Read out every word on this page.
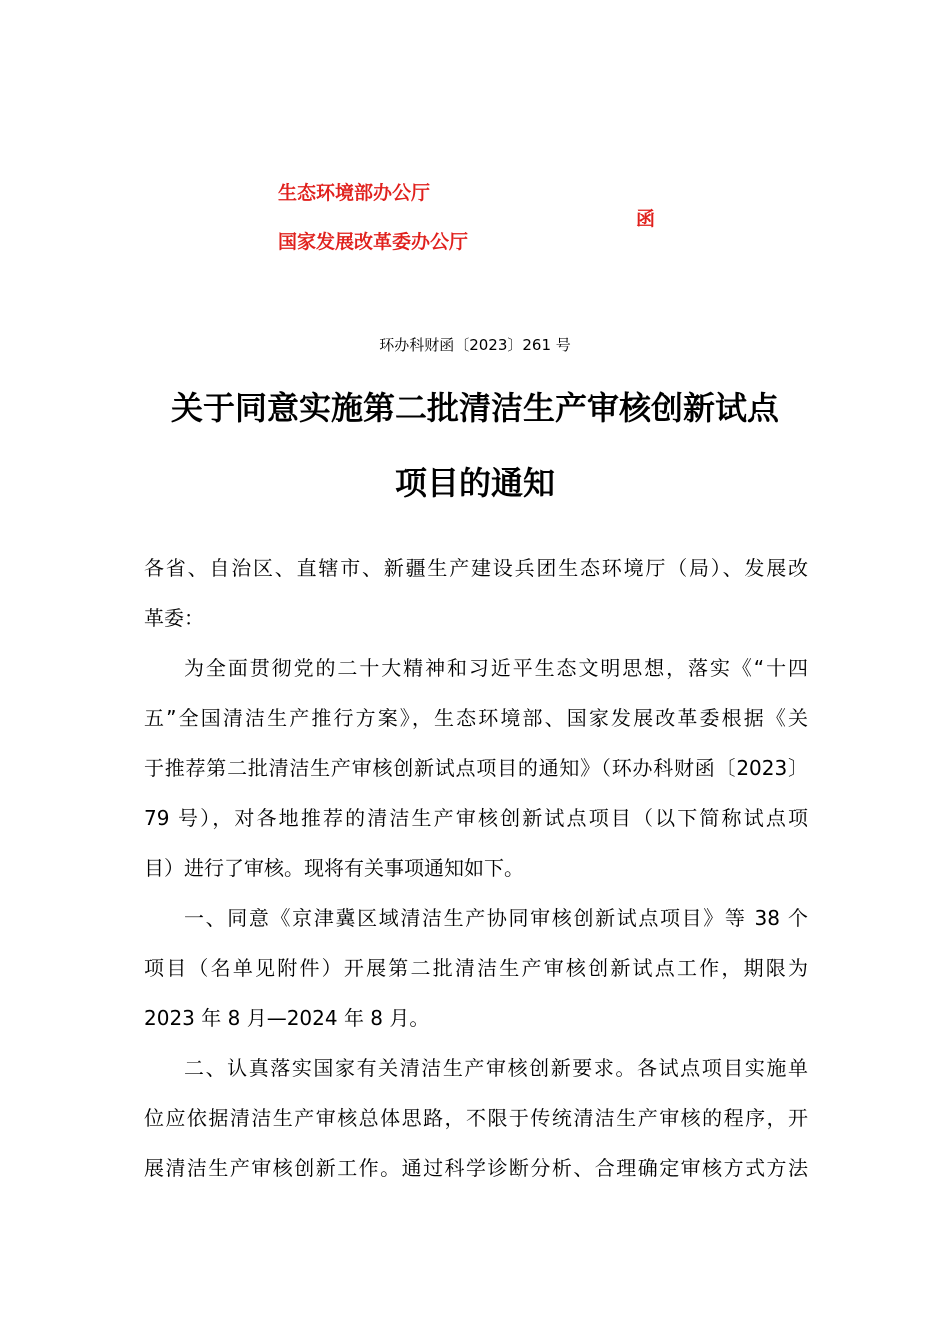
生态环境部办公厅
国家发展改革委办公厅
函
环办科财函〔2023〕261 号
关于同意实施第二批清洁生产审核创新试点
项目的通知
各省、自治区、直辖市、新疆生产建设兵团生态环境厅（局）、发展改
革委：
为全面贯彻党的二十大精神和习近平生态文明思想，落实《“十四
五”全国清洁生产推行方案》，生态环境部、国家发展改革委根据《关
于推荐第二批清洁生产审核创新试点项目的通知》（环办科财函〔2023〕
79 号），对各地推荐的清洁生产审核创新试点项目（以下简称试点项
目）进行了审核。现将有关事项通知如下。
一、同意《京津冀区域清洁生产协同审核创新试点项目》等 38 个
项目（名单见附件）开展第二批清洁生产审核创新试点工作，期限为
2023 年 8 月—2024 年 8 月。
二、认真落实国家有关清洁生产审核创新要求。各试点项目实施单
位应依据清洁生产审核总体思路，不限于传统清洁生产审核的程序，开
展清洁生产审核创新工作。通过科学诊断分析、合理确定审核方式方法
